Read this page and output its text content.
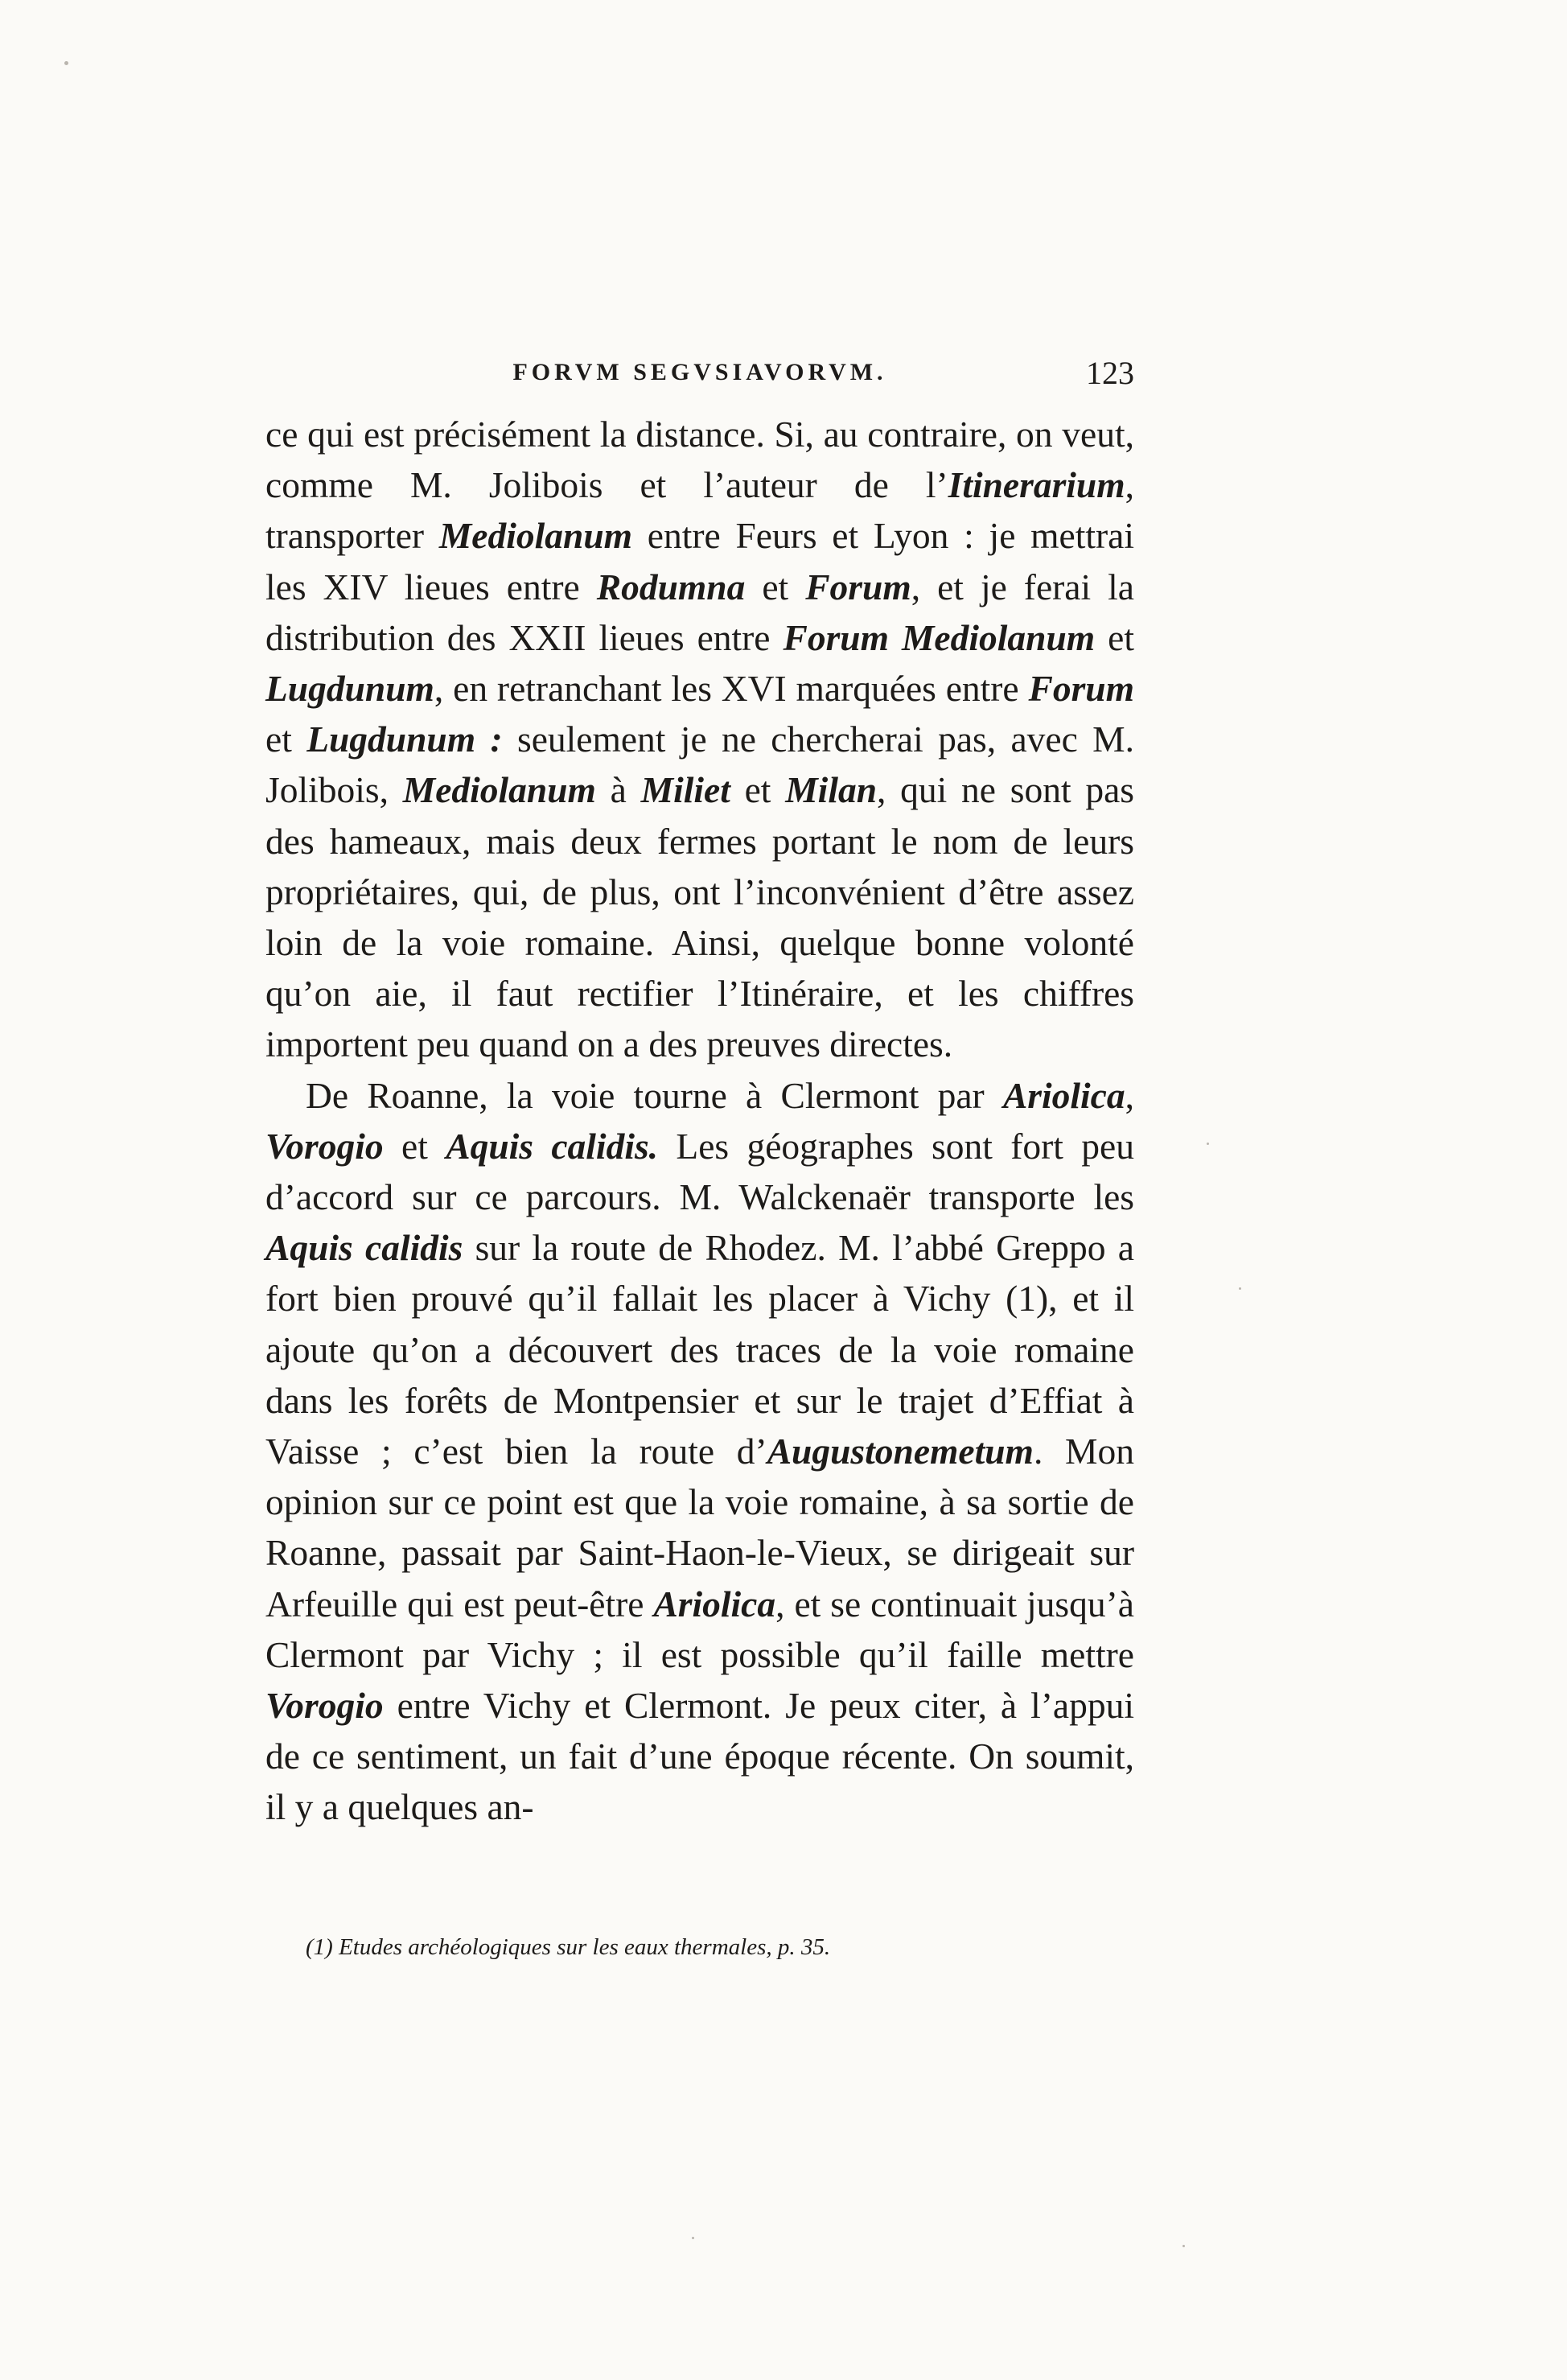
FORVM SEGVSIAVORVM.	123

ce qui est précisément la distance. Si, au contraire, on veut, comme M. Jolibois et l’auteur de l’Itinerarium, transporter Mediolanum entre Feurs et Lyon : je mettrai les XIV lieues entre Rodumna et Forum, et je ferai la distribution des XXII lieues entre Forum Mediolanum et Lugdunum, en retranchant les XVI marquées entre Forum et Lugdunum : seulement je ne chercherai pas, avec M. Jolibois, Mediolanum à Miliet et Milan, qui ne sont pas des hameaux, mais deux fermes portant le nom de leurs propriétaires, qui, de plus, ont l’inconvénient d’être assez loin de la voie romaine. Ainsi, quelque bonne volonté qu’on aie, il faut rectifier l’Itinéraire, et les chiffres importent peu quand on a des preuves directes.

De Roanne, la voie tourne à Clermont par Ariolica, Vorogio et Aquis calidis. Les géographes sont fort peu d’accord sur ce parcours. M. Walckenaër transporte les Aquis calidis sur la route de Rhodez. M. l’abbé Greppo a fort bien prouvé qu’il fallait les placer à Vichy (1), et il ajoute qu’on a découvert des traces de la voie romaine dans les forêts de Montpensier et sur le trajet d’Effiat à Vaisse ; c’est bien la route d’Augustonemetum. Mon opinion sur ce point est que la voie romaine, à sa sortie de Roanne, passait par Saint-Haon-le-Vieux, se dirigeait sur Arfeuille qui est peut-être Ariolica, et se continuait jusqu’à Clermont par Vichy ; il est possible qu’il faille mettre Vorogio entre Vichy et Clermont. Je peux citer, à l’appui de ce sentiment, un fait d’une époque récente. On soumit, il y a quelques an-

(1) Etudes archéologiques sur les eaux thermales, p. 35.
